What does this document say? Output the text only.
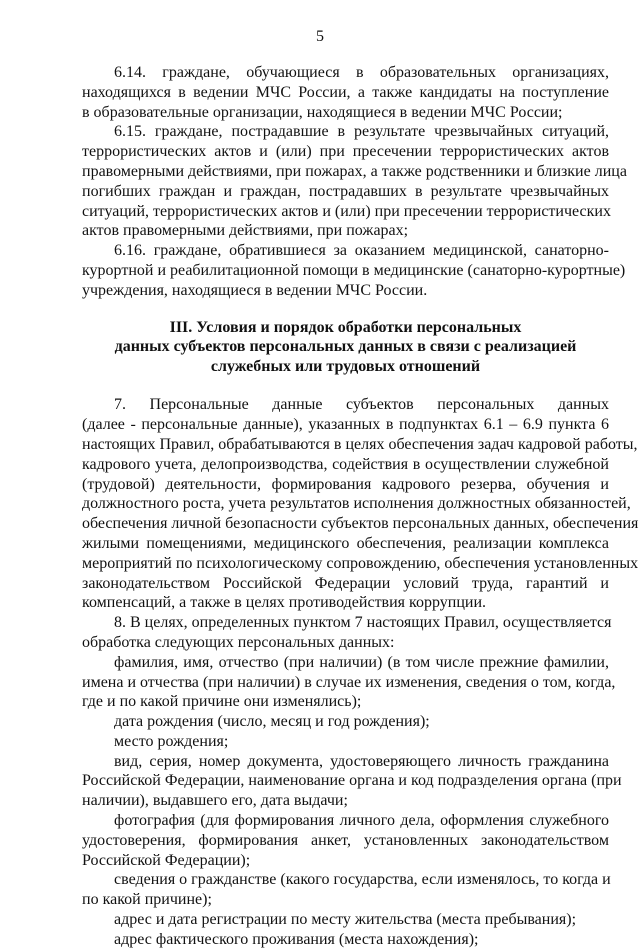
5
6.14. граждане, обучающиеся в образовательных организациях,
находящихся в ведении МЧС России, а также кандидаты на поступление
в образовательные организации, находящиеся в ведении МЧС России;
6.15. граждане, пострадавшие в результате чрезвычайных ситуаций,
террористических актов и (или) при пресечении террористических актов
правомерными действиями, при пожарах, а также родственники и близкие лица
погибших граждан и граждан, пострадавших в результате чрезвычайных
ситуаций, террористических актов и (или) при пресечении террористических
актов правомерными действиями, при пожарах;
6.16. граждане, обратившиеся за оказанием медицинской, санаторно-
курортной и реабилитационной помощи в медицинские (санаторно-курортные)
учреждения, находящиеся в ведении МЧС России.
III. Условия и порядок обработки персональных
данных субъектов персональных данных в связи с реализацией
служебных или трудовых отношений
7. Персональные данные субъектов персональных данных
(далее - персональные данные), указанных в подпунктах 6.1 – 6.9 пункта 6
настоящих Правил, обрабатываются в целях обеспечения задач кадровой работы,
кадрового учета, делопроизводства, содействия в осуществлении служебной
(трудовой) деятельности, формирования кадрового резерва, обучения и
должностного роста, учета результатов исполнения должностных обязанностей,
обеспечения личной безопасности субъектов персональных данных, обеспечения
жилыми помещениями, медицинского обеспечения, реализации комплекса
мероприятий по психологическому сопровождению, обеспечения установленных
законодательством Российской Федерации условий труда, гарантий и
компенсаций, а также в целях противодействия коррупции.
8. В целях, определенных пунктом 7 настоящих Правил, осуществляется
обработка следующих персональных данных:
фамилия, имя, отчество (при наличии) (в том числе прежние фамилии,
имена и отчества (при наличии) в случае их изменения, сведения о том, когда,
где и по какой причине они изменялись);
дата рождения (число, месяц и год рождения);
место рождения;
вид, серия, номер документа, удостоверяющего личность гражданина
Российской Федерации, наименование органа и код подразделения органа (при
наличии), выдавшего его, дата выдачи;
фотография (для формирования личного дела, оформления служебного
удостоверения, формирования анкет, установленных законодательством
Российской Федерации);
сведения о гражданстве (какого государства, если изменялось, то когда и
по какой причине);
адрес и дата регистрации по месту жительства (места пребывания);
адрес фактического проживания (места нахождения);
